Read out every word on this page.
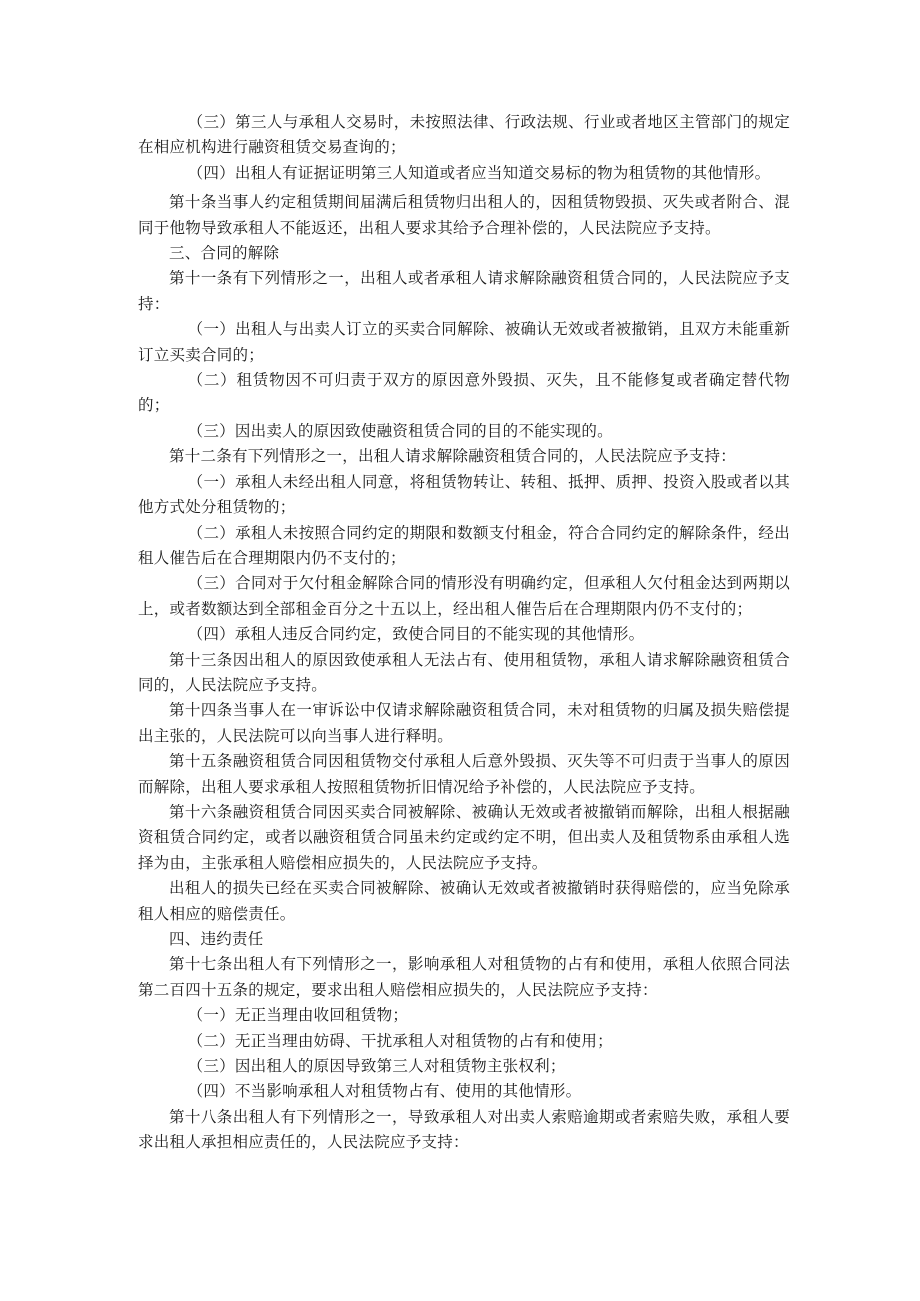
（三）第三人与承租人交易时，未按照法律、行政法规、行业或者地区主管部门的规定在相应机构进行融资租赁交易查询的；

（四）出租人有证据证明第三人知道或者应当知道交易标的物为租赁物的其他情形。

第十条当事人约定租赁期间届满后租赁物归出租人的，因租赁物毁损、灭失或者附合、混同于他物导致承租人不能返还，出租人要求其给予合理补偿的，人民法院应予支持。

三、合同的解除

第十一条有下列情形之一，出租人或者承租人请求解除融资租赁合同的，人民法院应予支持：

（一）出租人与出卖人订立的买卖合同解除、被确认无效或者被撤销，且双方未能重新订立买卖合同的；

（二）租赁物因不可归责于双方的原因意外毁损、灭失，且不能修复或者确定替代物的；

（三）因出卖人的原因致使融资租赁合同的目的不能实现的。

第十二条有下列情形之一，出租人请求解除融资租赁合同的，人民法院应予支持：

（一）承租人未经出租人同意，将租赁物转让、转租、抵押、质押、投资入股或者以其他方式处分租赁物的；

（二）承租人未按照合同约定的期限和数额支付租金，符合合同约定的解除条件，经出租人催告后在合理期限内仍不支付的；

（三）合同对于欠付租金解除合同的情形没有明确约定，但承租人欠付租金达到两期以上，或者数额达到全部租金百分之十五以上，经出租人催告后在合理期限内仍不支付的；

（四）承租人违反合同约定，致使合同目的不能实现的其他情形。

第十三条因出租人的原因致使承租人无法占有、使用租赁物，承租人请求解除融资租赁合同的，人民法院应予支持。

第十四条当事人在一审诉讼中仅请求解除融资租赁合同，未对租赁物的归属及损失赔偿提出主张的，人民法院可以向当事人进行释明。

第十五条融资租赁合同因租赁物交付承租人后意外毁损、灭失等不可归责于当事人的原因而解除，出租人要求承租人按照租赁物折旧情况给予补偿的，人民法院应予支持。

第十六条融资租赁合同因买卖合同被解除、被确认无效或者被撤销而解除，出租人根据融资租赁合同约定，或者以融资租赁合同虽未约定或约定不明，但出卖人及租赁物系由承租人选择为由，主张承租人赔偿相应损失的，人民法院应予支持。

出租人的损失已经在买卖合同被解除、被确认无效或者被撤销时获得赔偿的，应当免除承租人相应的赔偿责任。

四、违约责任

第十七条出租人有下列情形之一，影响承租人对租赁物的占有和使用，承租人依照合同法第二百四十五条的规定，要求出租人赔偿相应损失的，人民法院应予支持：

（一）无正当理由收回租赁物；

（二）无正当理由妨碍、干扰承租人对租赁物的占有和使用；

（三）因出租人的原因导致第三人对租赁物主张权利；

（四）不当影响承租人对租赁物占有、使用的其他情形。

第十八条出租人有下列情形之一，导致承租人对出卖人索赔逾期或者索赔失败，承租人要求出租人承担相应责任的，人民法院应予支持：
